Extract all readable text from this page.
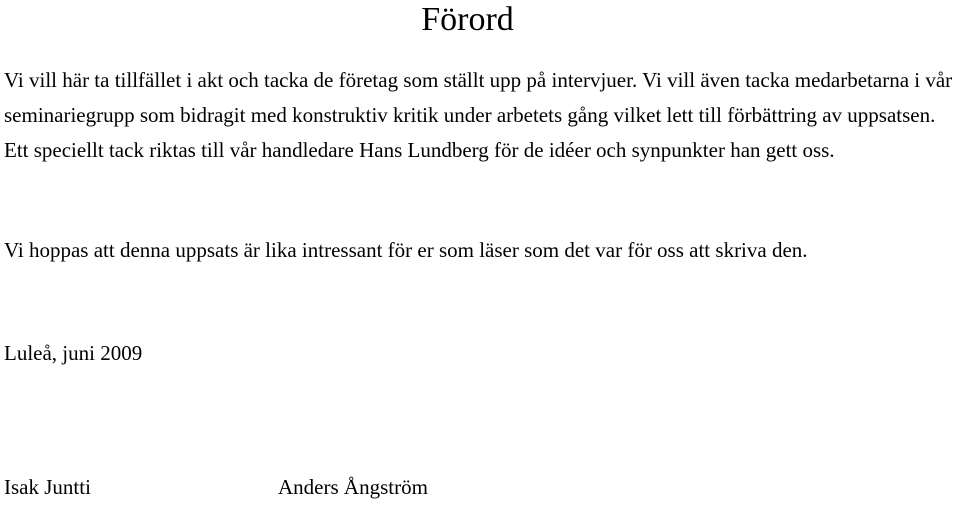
Förord

Vi vill här ta tillfället i akt och tacka de företag som ställt upp på intervjuer. Vi vill även tacka medarbetarna i vår seminariegrupp som bidragit med konstruktiv kritik under arbetets gång vilket lett till förbättring av uppsatsen. Ett speciellt tack riktas till vår handledare Hans Lundberg för de idéer och synpunkter han gett oss.

Vi hoppas att denna uppsats är lika intressant för er som läser som det var för oss att skriva den.

Luleå, juni 2009

Isak Juntti	Anders Ångström
